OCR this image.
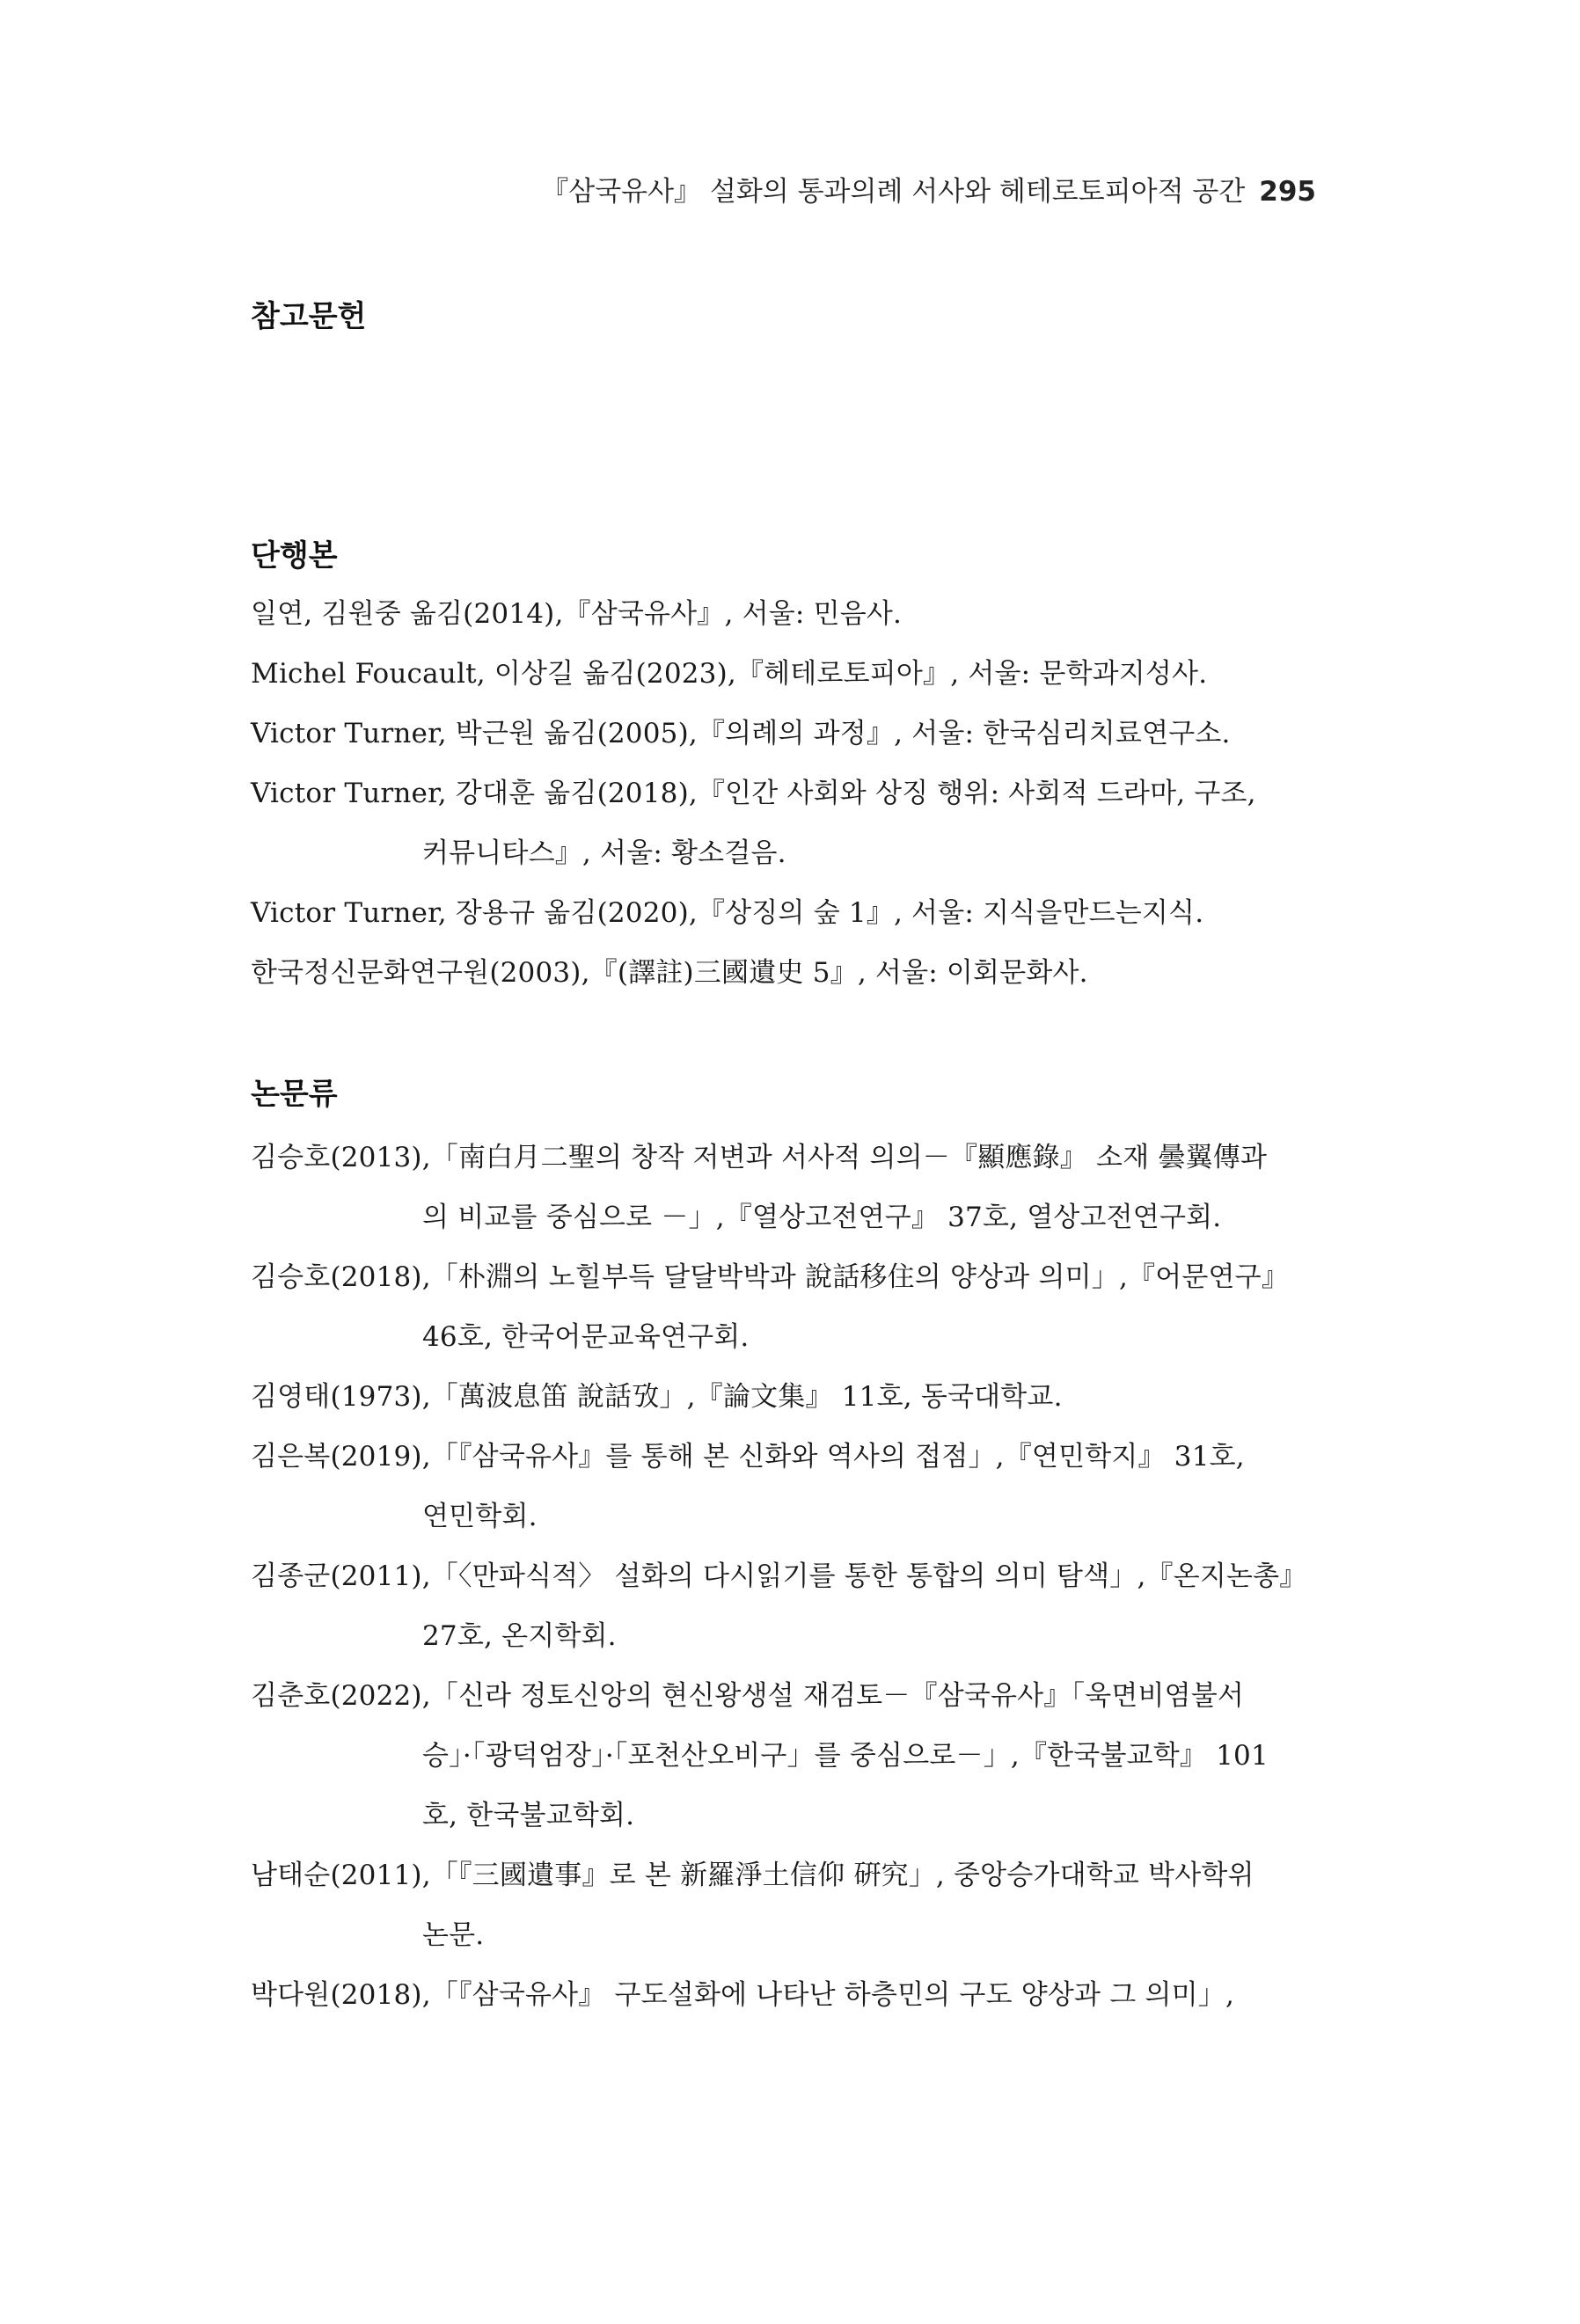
『삼국유사』 설화의 통과의례 서사와 헤테로토피아적 공간 295
참고문헌
단행본
일연, 김원중 옮김(2014),『삼국유사』, 서울: 민음사.
Michel Foucault, 이상길 옮김(2023),『헤테로토피아』, 서울: 문학과지성사.
Victor Turner, 박근원 옮김(2005),『의례의 과정』, 서울: 한국심리치료연구소.
Victor Turner, 강대훈 옮김(2018),『인간 사회와 상징 행위: 사회적 드라마, 구조,
커뮤니타스』, 서울: 황소걸음.
Victor Turner, 장용규 옮김(2020),『상징의 숲 1』, 서울: 지식을만드는지식.
한국정신문화연구원(2003),『(譯註)三國遺史 5』, 서울: 이회문화사.
논문류
김승호(2013),「南白月二聖의 창작 저변과 서사적 의의－『顯應錄』 소재 曇翼傳과
의 비교를 중심으로 －」,『열상고전연구』 37호, 열상고전연구회.
김승호(2018),「朴淵의 노힐부득 달달박박과 說話移住의 양상과 의미」,『어문연구』
46호, 한국어문교육연구회.
김영태(1973),「萬波息笛 說話攷」,『論文集』 11호, 동국대학교.
김은복(2019),「『삼국유사』를 통해 본 신화와 역사의 접점」,『연민학지』 31호,
연민학회.
김종군(2011),「〈만파식적〉 설화의 다시읽기를 통한 통합의 의미 탐색」,『온지논총』
27호, 온지학회.
김춘호(2022),「신라 정토신앙의 현신왕생설 재검토－『삼국유사』「욱면비염불서
승」·「광덕엄장」·「포천산오비구」를 중심으로－」,『한국불교학』 101
호, 한국불교학회.
남태순(2011),「『三國遺事』로 본 新羅淨土信仰 硏究」, 중앙승가대학교 박사학위
논문.
박다원(2018),「『삼국유사』 구도설화에 나타난 하층민의 구도 양상과 그 의미」,
